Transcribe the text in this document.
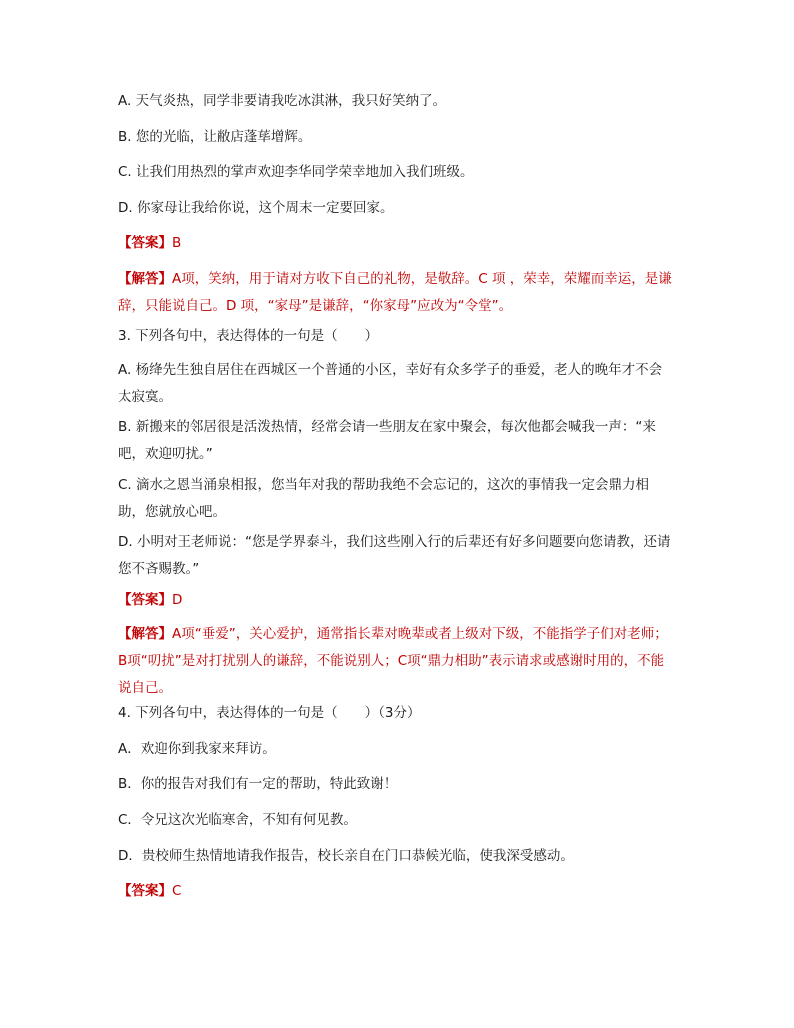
A. 天气炎热，同学非要请我吃冰淇淋，我只好笑纳了。
B. 您的光临，让敝店蓬荜增辉。
C. 让我们用热烈的掌声欢迎李华同学荣幸地加入我们班级。
D. 你家母让我给你说，这个周末一定要回家。
【答案】B
【解答】A项，笑纳，用于请对方收下自己的礼物，是敬辞。C 项 ，荣幸，荣耀而幸运，是谦辞，只能说自己。D 项，“家母”是谦辞，“你家母”应改为“令堂”。
3. 下列各句中，表达得体的一句是（　　）
A. 杨绛先生独自居住在西城区一个普通的小区，幸好有众多学子的垂爱，老人的晚年才不会太寂寞。
B. 新搬来的邻居很是活泼热情，经常会请一些朋友在家中聚会，每次他都会喊我一声：“来吧，欢迎叨扰。”
C. 滴水之恩当涌泉相报，您当年对我的帮助我绝不会忘记的，这次的事情我一定会鼎力相助，您就放心吧。
D. 小明对王老师说：“您是学界泰斗，我们这些刚入行的后辈还有好多问题要向您请教，还请您不吝赐教。”
【答案】D
【解答】A项“垂爱”，关心爱护，通常指长辈对晚辈或者上级对下级，不能指学子们对老师；B项“叨扰”是对打扰别人的谦辞，不能说别人；C项“鼎力相助”表示请求或感谢时用的，不能说自己。
4. 下列各句中，表达得体的一句是（　　）（3分）
A．欢迎你到我家来拜访。
B．你的报告对我们有一定的帮助，特此致谢！
C．令兄这次光临寒舍，不知有何见教。
D．贵校师生热情地请我作报告，校长亲自在门口恭候光临，使我深受感动。
【答案】C
